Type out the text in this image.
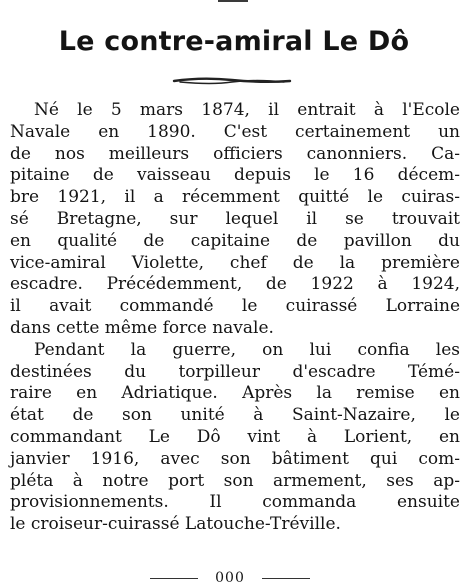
Le contre-amiral Le Dô
Né le 5 mars 1874, il entrait à l'Ecole
Navale en 1890. C'est certainement un
de nos meilleurs officiers canonniers. Ca-
pitaine de vaisseau depuis le 16 décem-
bre 1921, il a récemment quitté le cuiras-
sé Bretagne, sur lequel il se trouvait
en qualité de capitaine de pavillon du
vice-amiral Violette, chef de la première
escadre. Précédemment, de 1922 à 1924,
il avait commandé le cuirassé Lorraine
dans cette même force navale.
Pendant la guerre, on lui confia les
destinées du torpilleur d'escadre Témé-
raire en Adriatique. Après la remise en
état de son unité à Saint-Nazaire, le
commandant Le Dô vint à Lorient, en
janvier 1916, avec son bâtiment qui com-
pléta à notre port son armement, ses ap-
provisionnements. Il commanda ensuite
le croiseur-cuirassé Latouche-Tréville.
000
